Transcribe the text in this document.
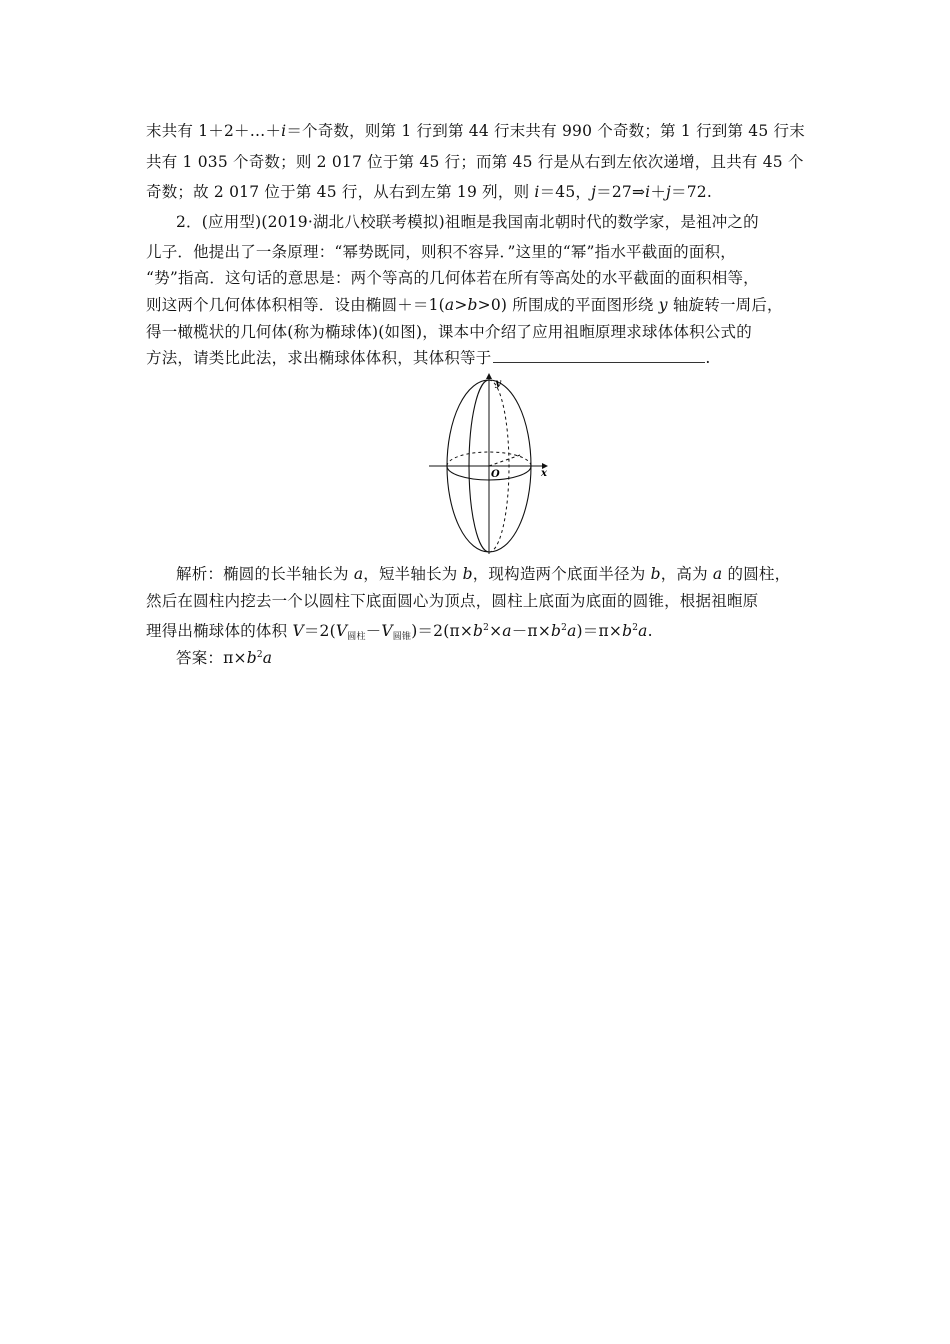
末共有 1＋2＋…＋i＝个奇数，则第 1 行到第 44 行末共有 990 个奇数；第 1 行到第 45 行末
共有 1 035 个奇数；则 2 017 位于第 45 行；而第 45 行是从右到左依次递增，且共有 45 个
奇数；故 2 017 位于第 45 行，从右到左第 19 列，则 i＝45，j＝27⇒i＋j＝72.
2．(应用型)(2019·湖北八校联考模拟)祖暅是我国南北朝时代的数学家，是祖冲之的
儿子．他提出了一条原理：“幂势既同，则积不容异．”这里的“幂”指水平截面的面积，
“势”指高．这句话的意思是：两个等高的几何体若在所有等高处的水平截面的面积相等，
则这两个几何体体积相等．设由椭圆＋＝1(a>b>0) 所围成的平面图形绕 y 轴旋转一周后，
得一橄榄状的几何体(称为椭球体)(如图)，课本中介绍了应用祖暅原理求球体体积公式的
方法，请类比此法，求出椭球体体积，其体积等于	.
y
x
O
解析：椭圆的长半轴长为 a，短半轴长为 b，现构造两个底面半径为 b，高为 a 的圆柱，
然后在圆柱内挖去一个以圆柱下底面圆心为顶点，圆柱上底面为底面的圆锥，根据祖暅原
理得出椭球体的体积 $V=2(V_{圆柱}-V_{圆锥})=2(\pi\times b^2\times a-\pi\times b^2a)=\pi\times b^2a$.
答案：$\pi\times b^2a$
